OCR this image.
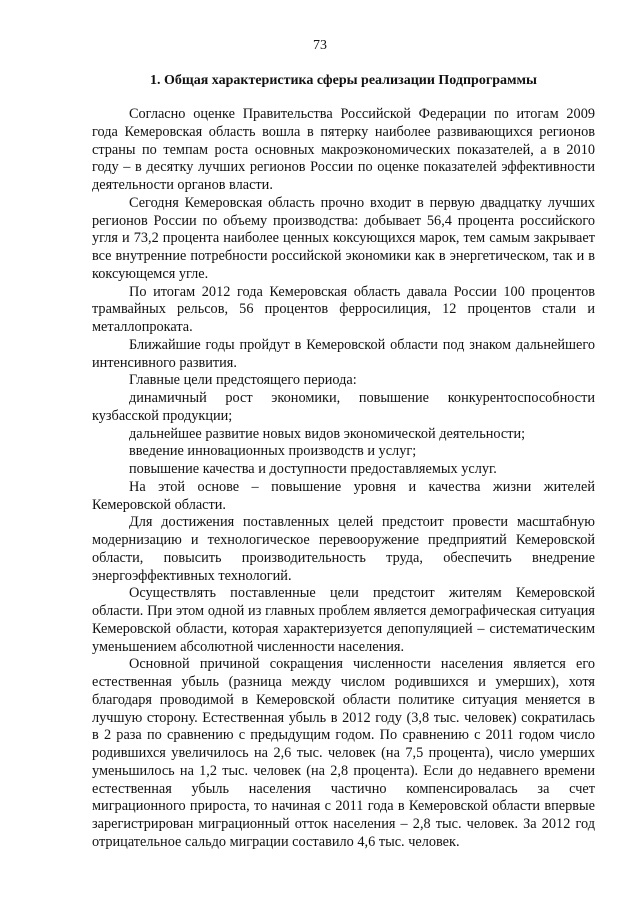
73
1. Общая характеристика сферы реализации Подпрограммы

Согласно оценке Правительства Российской Федерации по итогам 2009 года Кемеровская область вошла в пятерку наиболее развивающихся регионов страны по темпам роста основных макроэкономических показателей, а в 2010 году – в десятку лучших регионов России по оценке показателей эффективности деятельности органов власти.

Сегодня Кемеровская область прочно входит в первую двадцатку лучших регионов России по объему производства: добывает 56,4 процента российского угля и 73,2 процента наиболее ценных коксующихся марок, тем самым закрывает все внутренние потребности российской экономики как в энергетическом, так и в коксующемся угле.

По итогам 2012 года Кемеровская область давала России 100 процентов трамвайных рельсов, 56 процентов ферросилиция, 12 процентов стали и металлопроката.

Ближайшие годы пройдут в Кемеровской области под знаком дальнейшего интенсивного развития.

Главные цели предстоящего периода:

динамичный рост экономики, повышение конкурентоспособности кузбасской продукции;

дальнейшее развитие новых видов экономической деятельности;

введение инновационных производств и услуг;

повышение качества и доступности предоставляемых услуг.

На этой основе – повышение уровня и качества жизни жителей Кемеровской области.

Для достижения поставленных целей предстоит провести масштабную модернизацию и технологическое перевооружение предприятий Кемеровской области, повысить производительность труда, обеспечить внедрение энергоэффективных технологий.

Осуществлять поставленные цели предстоит жителям Кемеровской области. При этом одной из главных проблем является демографическая ситуация Кемеровской области, которая характеризуется депопуляцией – систематическим уменьшением абсолютной численности населения.

Основной причиной сокращения численности населения является его естественная убыль (разница между числом родившихся и умерших), хотя благодаря проводимой в Кемеровской области политике ситуация меняется в лучшую сторону. Естественная убыль в 2012 году (3,8 тыс. человек) сократилась в 2 раза по сравнению с предыдущим годом. По сравнению с 2011 годом число родившихся увеличилось на 2,6 тыс. человек (на 7,5 процента), число умерших уменьшилось на 1,2 тыс. человек (на 2,8 процента). Если до недавнего времени естественная убыль населения частично компенсировалась за счет миграционного прироста, то начиная с 2011 года в Кемеровской области впервые зарегистрирован миграционный отток населения – 2,8 тыс. человек. За 2012 год отрицательное сальдо миграции составило 4,6 тыс. человек.
